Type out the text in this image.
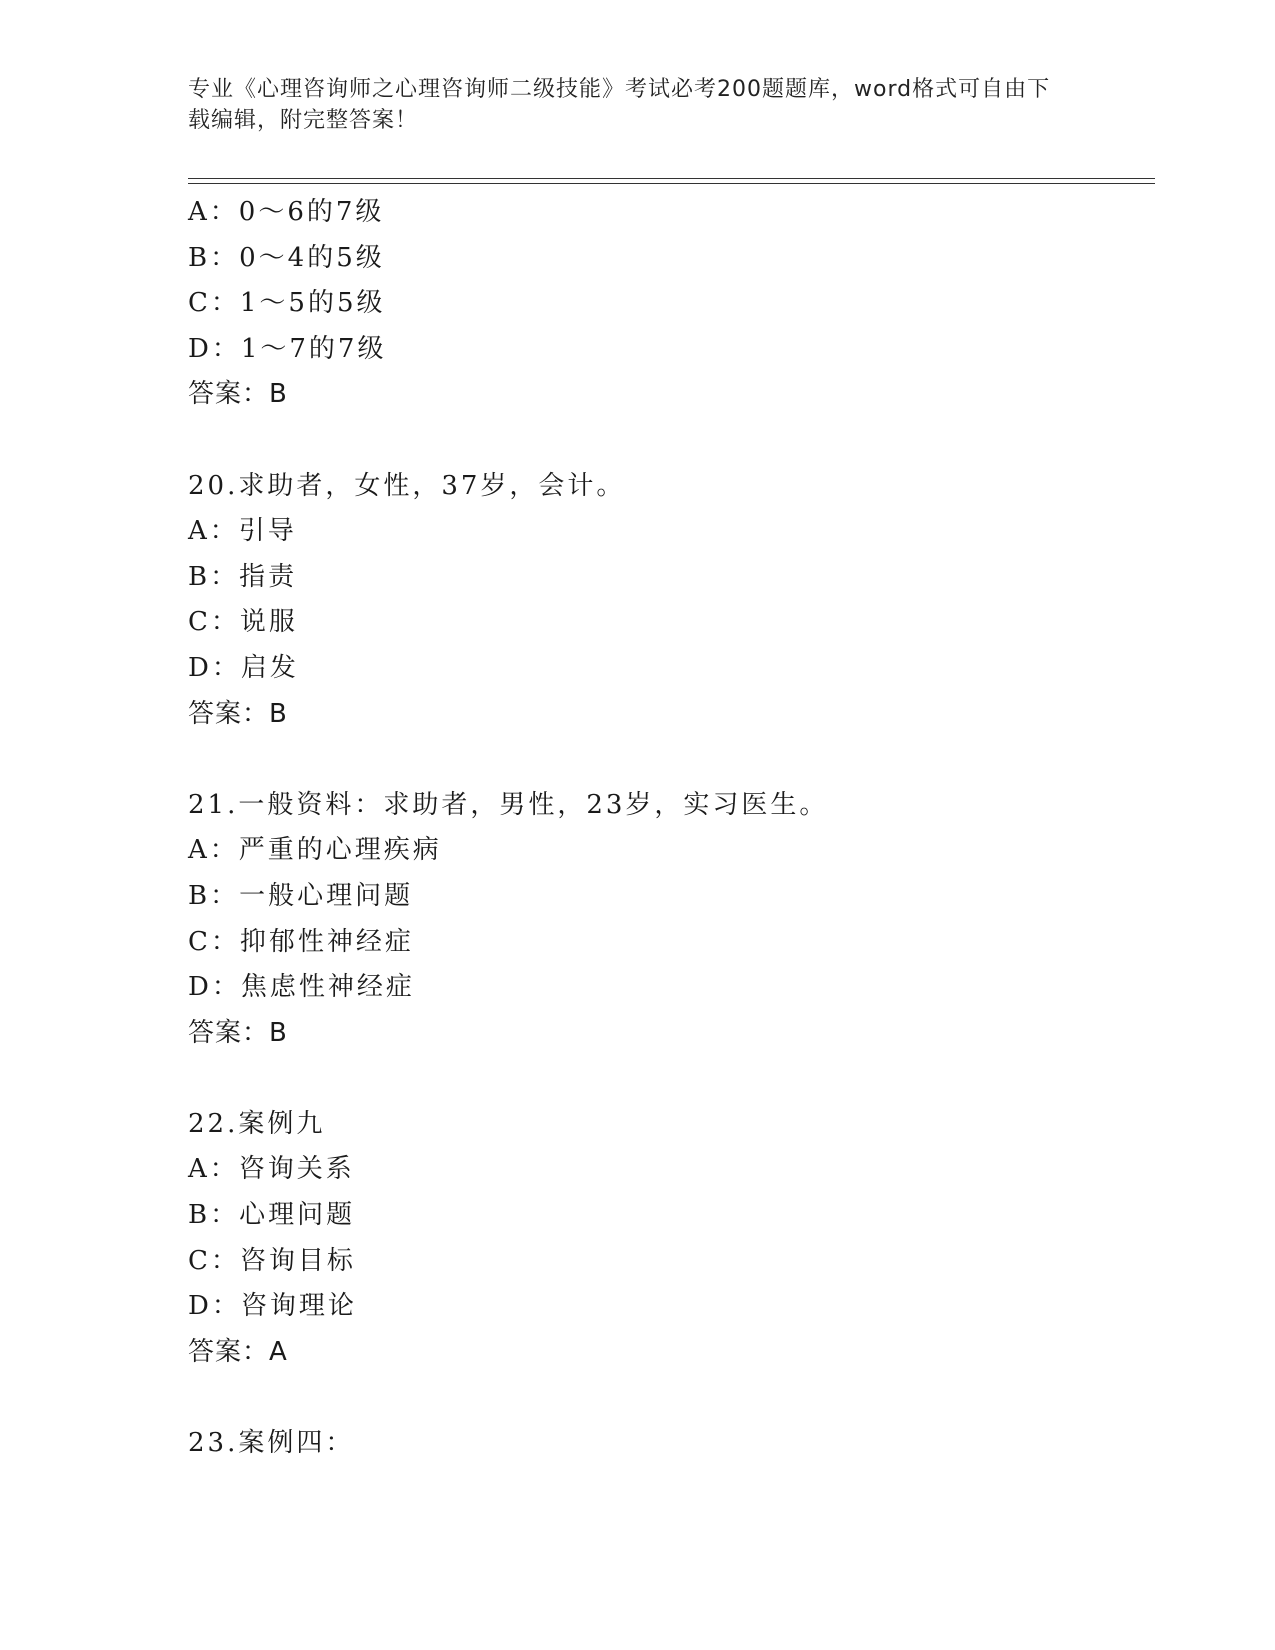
专业《心理咨询师之心理咨询师二级技能》考试必考200题题库，word格式可自由下载编辑，附完整答案！
A：0～6的7级
B：0～4的5级
C：1～5的5级
D：1～7的7级
答案：B
20.求助者，女性，37岁，会计。
A：引导
B：指责
C：说服
D：启发
答案：B
21.一般资料：求助者，男性，23岁，实习医生。
A：严重的心理疾病
B：一般心理问题
C：抑郁性神经症
D：焦虑性神经症
答案：B
22.案例九
A：咨询关系
B：心理问题
C：咨询目标
D：咨询理论
答案：A
23.案例四：
